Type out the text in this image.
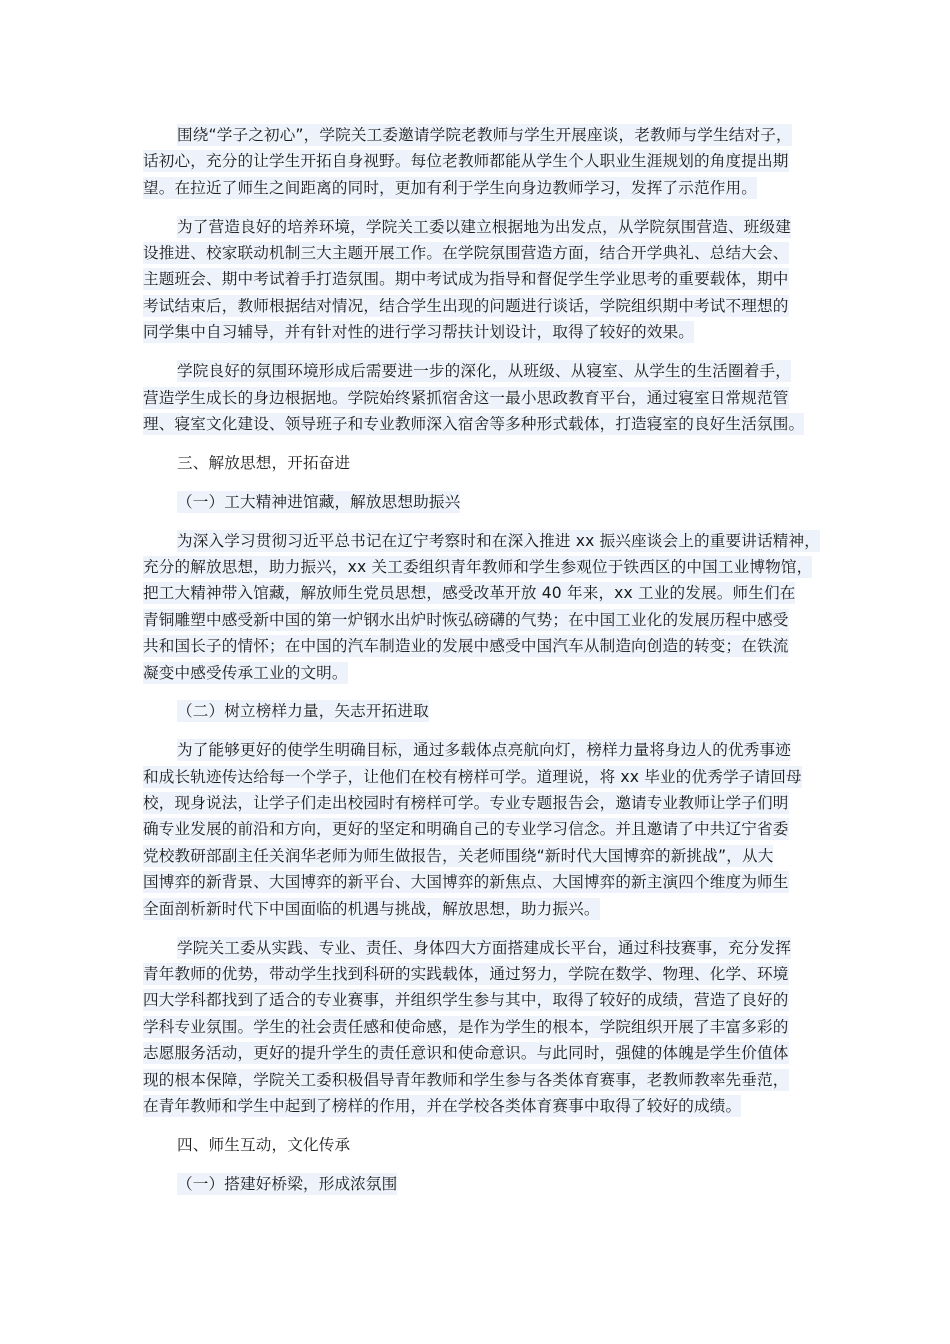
围绕“学子之初心”，学院关工委邀请学院老教师与学生开展座谈，老教师与学生结对子，
话初心，充分的让学生开拓自身视野。每位老教师都能从学生个人职业生涯规划的角度提出期
望。在拉近了师生之间距离的同时，更加有利于学生向身边教师学习，发挥了示范作用。
为了营造良好的培养环境，学院关工委以建立根据地为出发点，从学院氛围营造、班级建
设推进、校家联动机制三大主题开展工作。在学院氛围营造方面，结合开学典礼、总结大会、
主题班会、期中考试着手打造氛围。期中考试成为指导和督促学生学业思考的重要载体，期中
考试结束后，教师根据结对情况，结合学生出现的问题进行谈话，学院组织期中考试不理想的
同学集中自习辅导，并有针对性的进行学习帮扶计划设计，取得了较好的效果。
学院良好的氛围环境形成后需要进一步的深化，从班级、从寝室、从学生的生活圈着手，
营造学生成长的身边根据地。学院始终紧抓宿舍这一最小思政教育平台，通过寝室日常规范管
理、寝室文化建设、领导班子和专业教师深入宿舍等多种形式载体，打造寝室的良好生活氛围。
三、解放思想，开拓奋进
（一）工大精神进馆藏，解放思想助振兴
为深入学习贯彻习近平总书记在辽宁考察时和在深入推进 xx 振兴座谈会上的重要讲话精神，
充分的解放思想，助力振兴，xx 关工委组织青年教师和学生参观位于铁西区的中国工业博物馆，
把工大精神带入馆藏，解放师生党员思想，感受改革开放 40 年来，xx 工业的发展。师生们在
青铜雕塑中感受新中国的第一炉钢水出炉时恢弘磅礴的气势；在中国工业化的发展历程中感受
共和国长子的情怀；在中国的汽车制造业的发展中感受中国汽车从制造向创造的转变；在铁流
凝变中感受传承工业的文明。
（二）树立榜样力量，矢志开拓进取
为了能够更好的使学生明确目标，通过多载体点亮航向灯，榜样力量将身边人的优秀事迹
和成长轨迹传达给每一个学子，让他们在校有榜样可学。道理说，将 xx 毕业的优秀学子请回母
校，现身说法，让学子们走出校园时有榜样可学。专业专题报告会，邀请专业教师让学子们明
确专业发展的前沿和方向，更好的坚定和明确自己的专业学习信念。并且邀请了中共辽宁省委
党校教研部副主任关润华老师为师生做报告，关老师围绕“新时代大国博弈的新挑战”，从大
国博弈的新背景、大国博弈的新平台、大国博弈的新焦点、大国博弈的新主演四个维度为师生
全面剖析新时代下中国面临的机遇与挑战，解放思想，助力振兴。
学院关工委从实践、专业、责任、身体四大方面搭建成长平台，通过科技赛事，充分发挥
青年教师的优势，带动学生找到科研的实践载体，通过努力，学院在数学、物理、化学、环境
四大学科都找到了适合的专业赛事，并组织学生参与其中，取得了较好的成绩，营造了良好的
学科专业氛围。学生的社会责任感和使命感，是作为学生的根本，学院组织开展了丰富多彩的
志愿服务活动，更好的提升学生的责任意识和使命意识。与此同时，强健的体魄是学生价值体
现的根本保障，学院关工委积极倡导青年教师和学生参与各类体育赛事，老教师教率先垂范，
在青年教师和学生中起到了榜样的作用，并在学校各类体育赛事中取得了较好的成绩。
四、师生互动，文化传承
（一）搭建好桥梁，形成浓氛围
